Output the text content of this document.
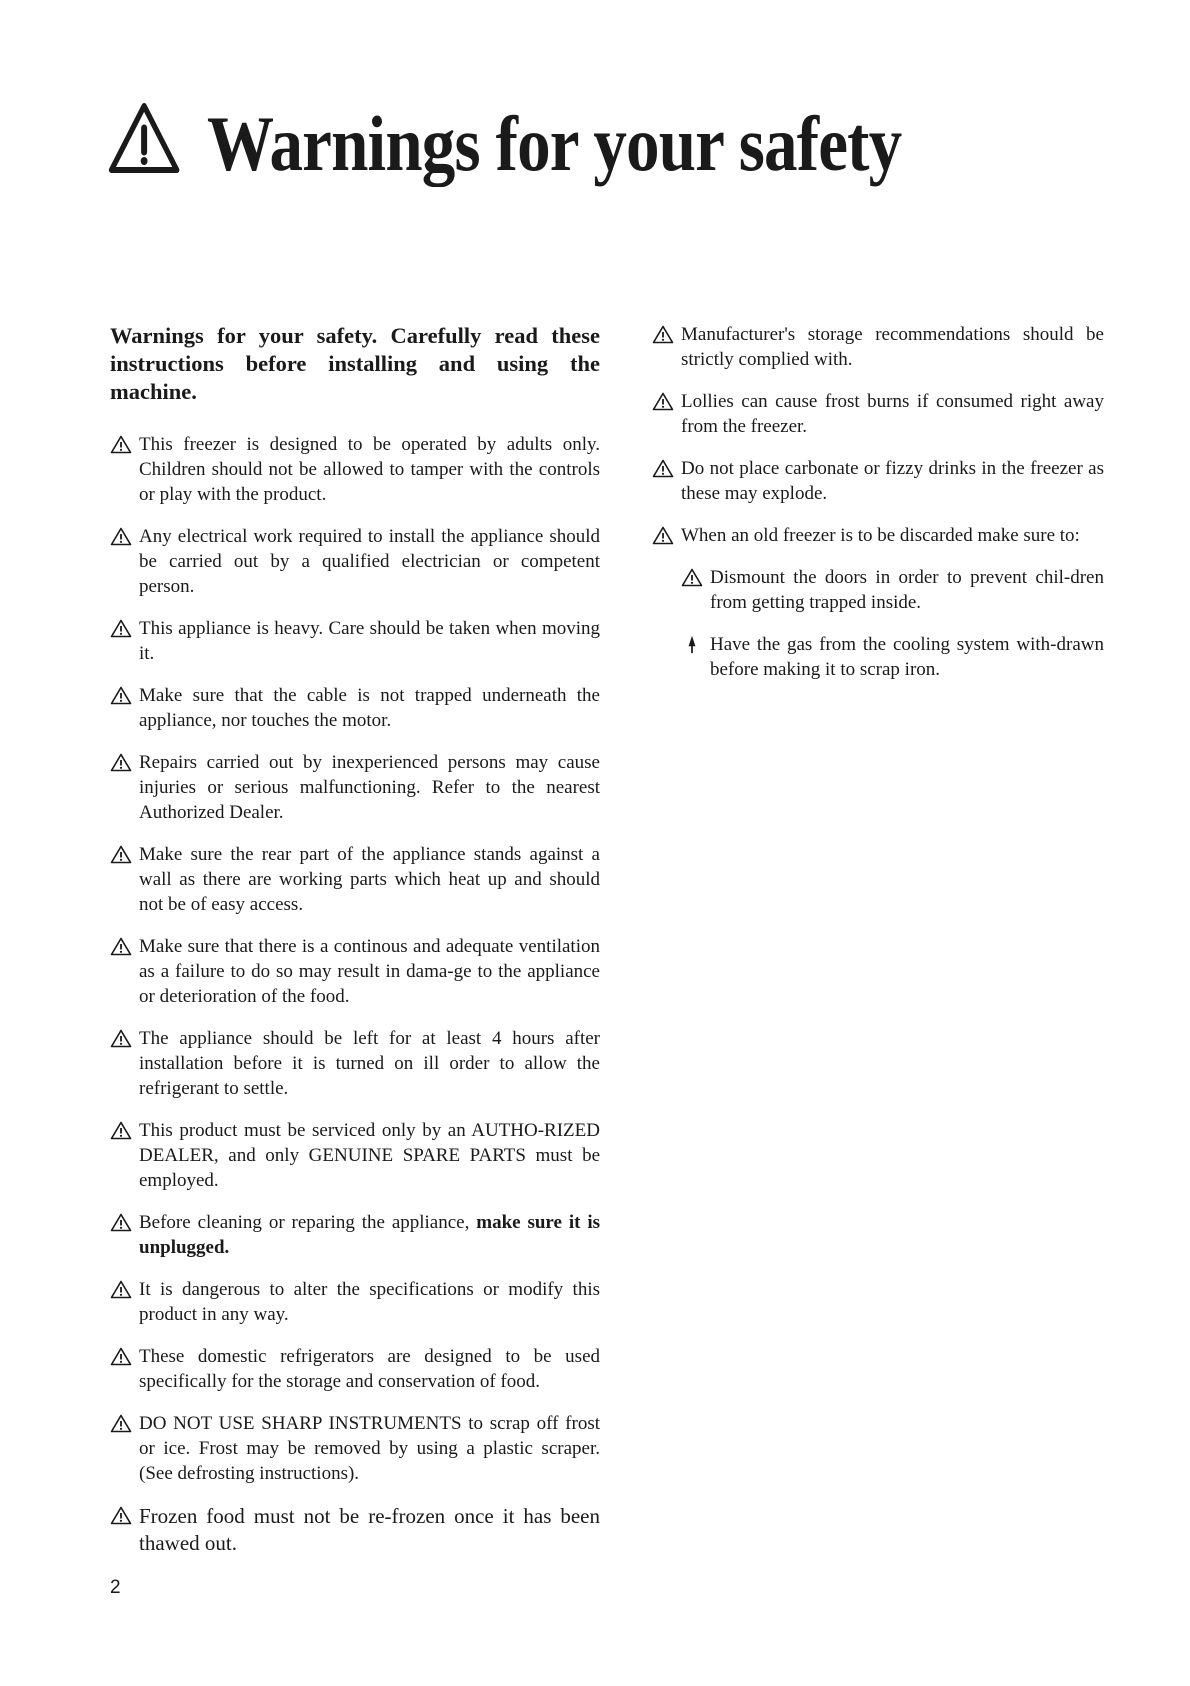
Warnings for your safety

Warnings for your safety. Carefully read these instructions before installing and using the machine.

This freezer is designed to be operated by adults only. Children should not be allowed to tamper with the controls or play with the product.

Any electrical work required to install the appliance should be carried out by a qualified electrician or competent person.

This appliance is heavy. Care should be taken when moving it.

Make sure that the cable is not trapped underneath the appliance, nor touches the motor.

Repairs carried out by inexperienced persons may cause injuries or serious malfunctioning. Refer to the nearest Authorized Dealer.

Make sure the rear part of the appliance stands against a wall as there are working parts which heat up and should not be of easy access.

Make sure that there is a continous and adequate ventilation as a failure to do so may result in dama-ge to the appliance or deterioration of the food.

The appliance should be left for at least 4 hours after installation before it is turned on ill order to allow the refrigerant to settle.

This product must be serviced only by an AUTHO-RIZED DEALER, and only GENUINE SPARE PARTS must be employed.

Before cleaning or reparing the appliance, make sure it is unplugged.

It is dangerous to alter the specifications or modify this product in any way.

These domestic refrigerators are designed to be used specifically for the storage and conservation of food.

DO NOT USE SHARP INSTRUMENTS to scrap off frost or ice. Frost may be removed by using a plastic scraper. (See defrosting instructions).

Frozen food must not be re-frozen once it has been thawed out.

Manufacturer's storage recommendations should be strictly complied with.

Lollies can cause frost burns if consumed right away from the freezer.

Do not place carbonate or fizzy drinks in the freezer as these may explode.

When an old freezer is to be discarded make sure to:

Dismount the doors in order to prevent chil-dren from getting trapped inside.

Have the gas from the cooling system with-drawn before making it to scrap iron.

2
